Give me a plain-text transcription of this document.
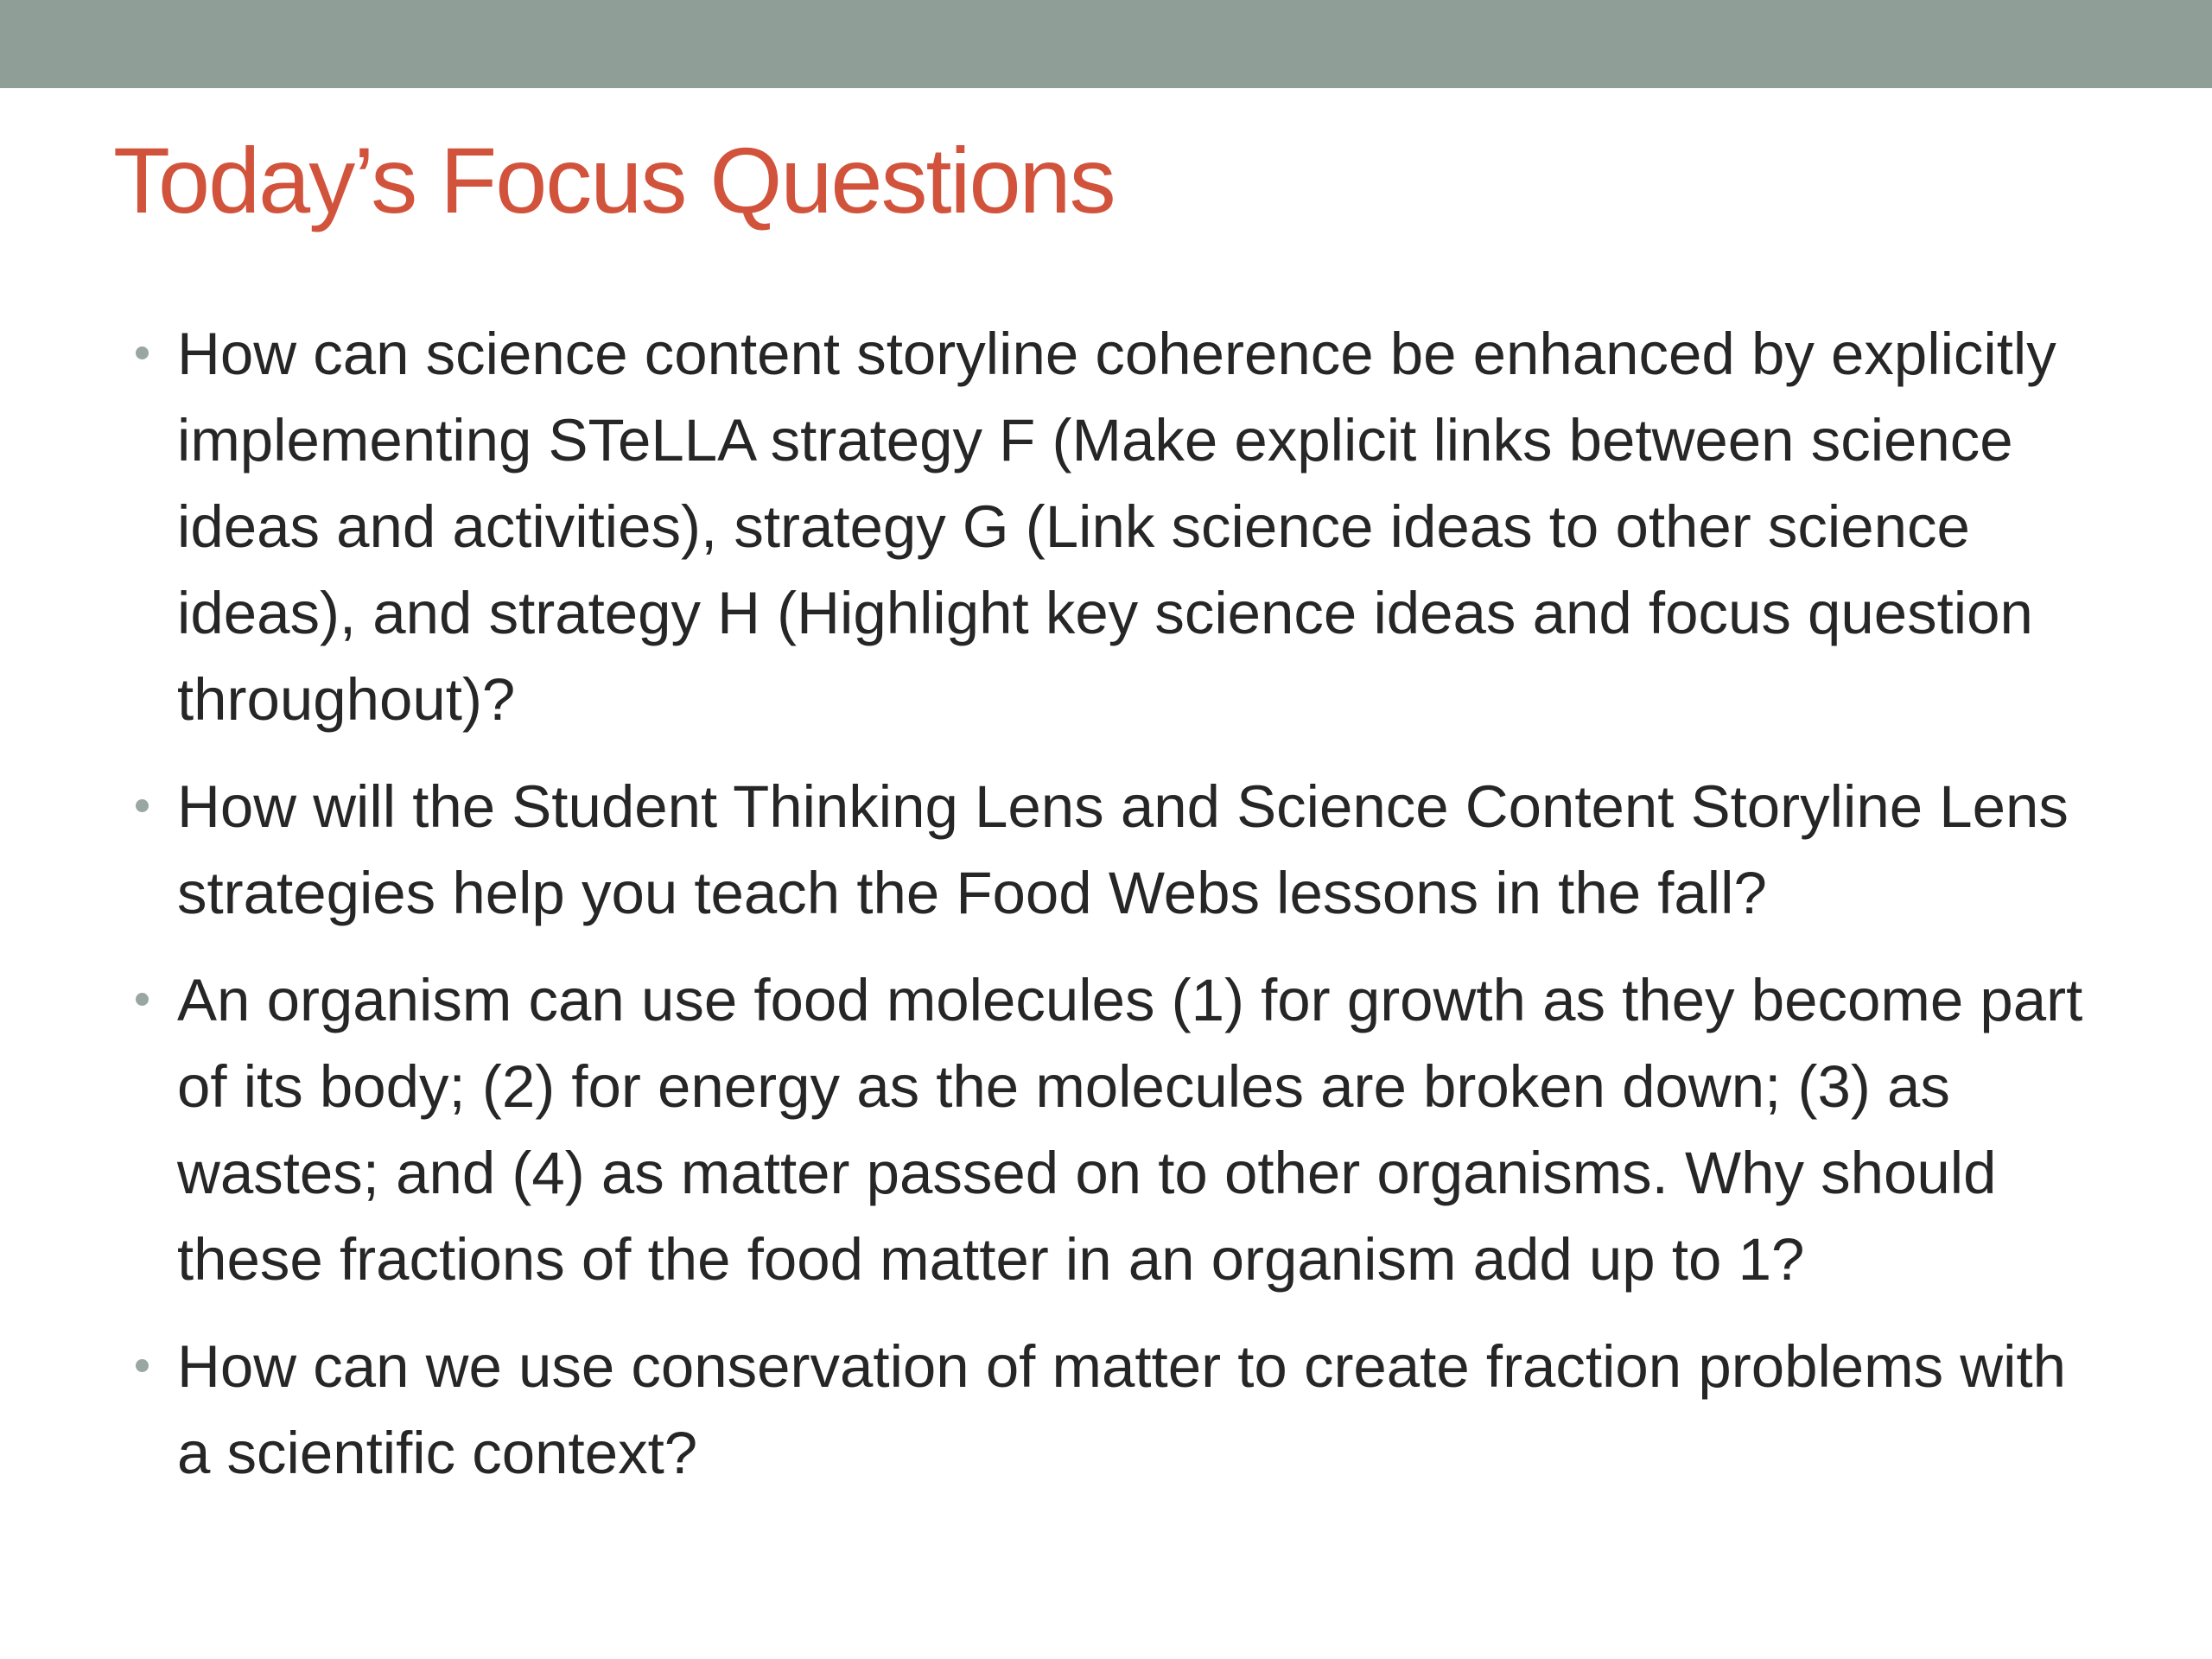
Today’s Focus Questions
How can science content storyline coherence be enhanced by explicitly implementing STeLLA strategy F (Make explicit links between science ideas and activities), strategy G (Link science ideas to other science ideas), and strategy H (Highlight key science ideas and focus question throughout)?
How will the Student Thinking Lens and Science Content Storyline Lens strategies help you teach the Food Webs lessons in the fall?
An organism can use food molecules (1) for growth as they become part of its body; (2) for energy as the molecules are broken down; (3) as wastes; and (4) as matter passed on to other organisms. Why should these fractions of the food matter in an organism add up to 1?
How can we use conservation of matter to create fraction problems with a scientific context?
